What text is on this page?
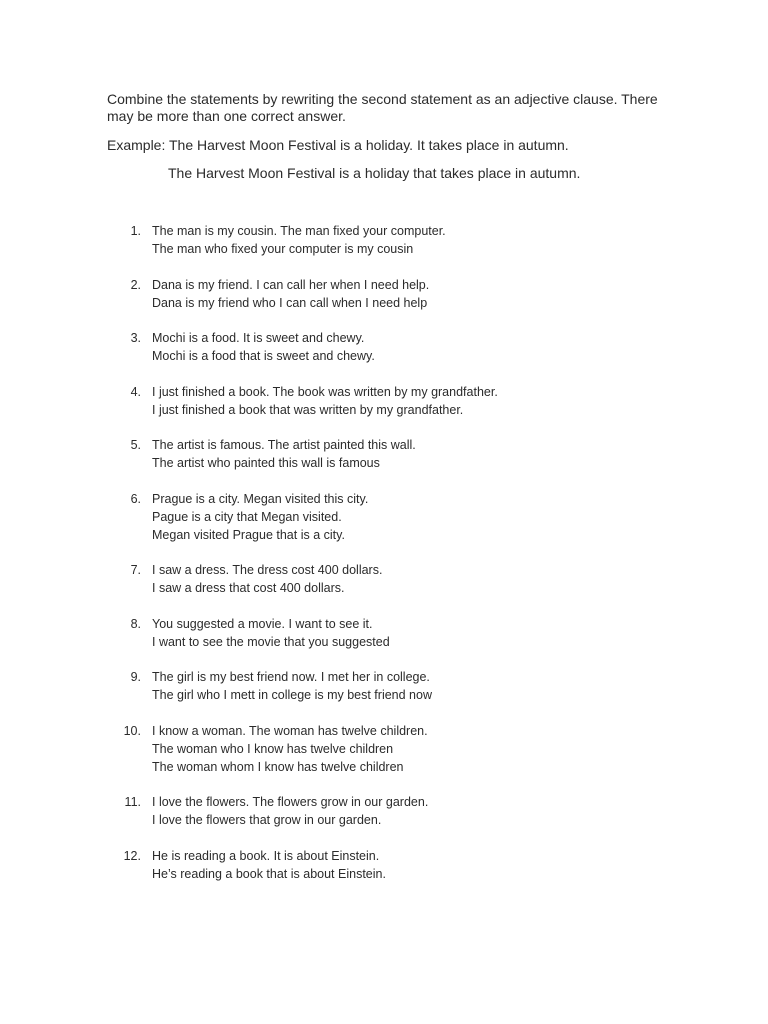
Combine the statements by rewriting the second statement as an adjective clause. There may be more than one correct answer.

Example: The Harvest Moon Festival is a holiday. It takes place in autumn.

The Harvest Moon Festival is a holiday that takes place in autumn.

1. The man is my cousin. The man fixed your computer.
The man who fixed your computer is my cousin
2. Dana is my friend. I can call her when I need help.
Dana is my friend who I can call when I need help
3. Mochi is a food. It is sweet and chewy.
Mochi is a food that is sweet and chewy.
4. I just finished a book. The book was written by my grandfather.
I just finished a book that was written by my grandfather.
5. The artist is famous. The artist painted this wall.
The artist who painted this wall is famous
6. Prague is a city. Megan visited this city.
Pague is a city that Megan visited.
Megan visited Prague that is a city.
7. I saw a dress. The dress cost 400 dollars.
I saw a dress that cost 400 dollars.
8. You suggested a movie. I want to see it.
I want to see the movie that you suggested
9. The girl is my best friend now. I met her in college.
The girl who I mett in college is my best friend now
10. I know a woman. The woman has twelve children.
The woman who I know has twelve children
The woman whom I know has twelve children
11. I love the flowers. The flowers grow in our garden.
I love the flowers that grow in our garden.
12. He is reading a book. It is about Einstein.
He’s reading a book that is about Einstein.
